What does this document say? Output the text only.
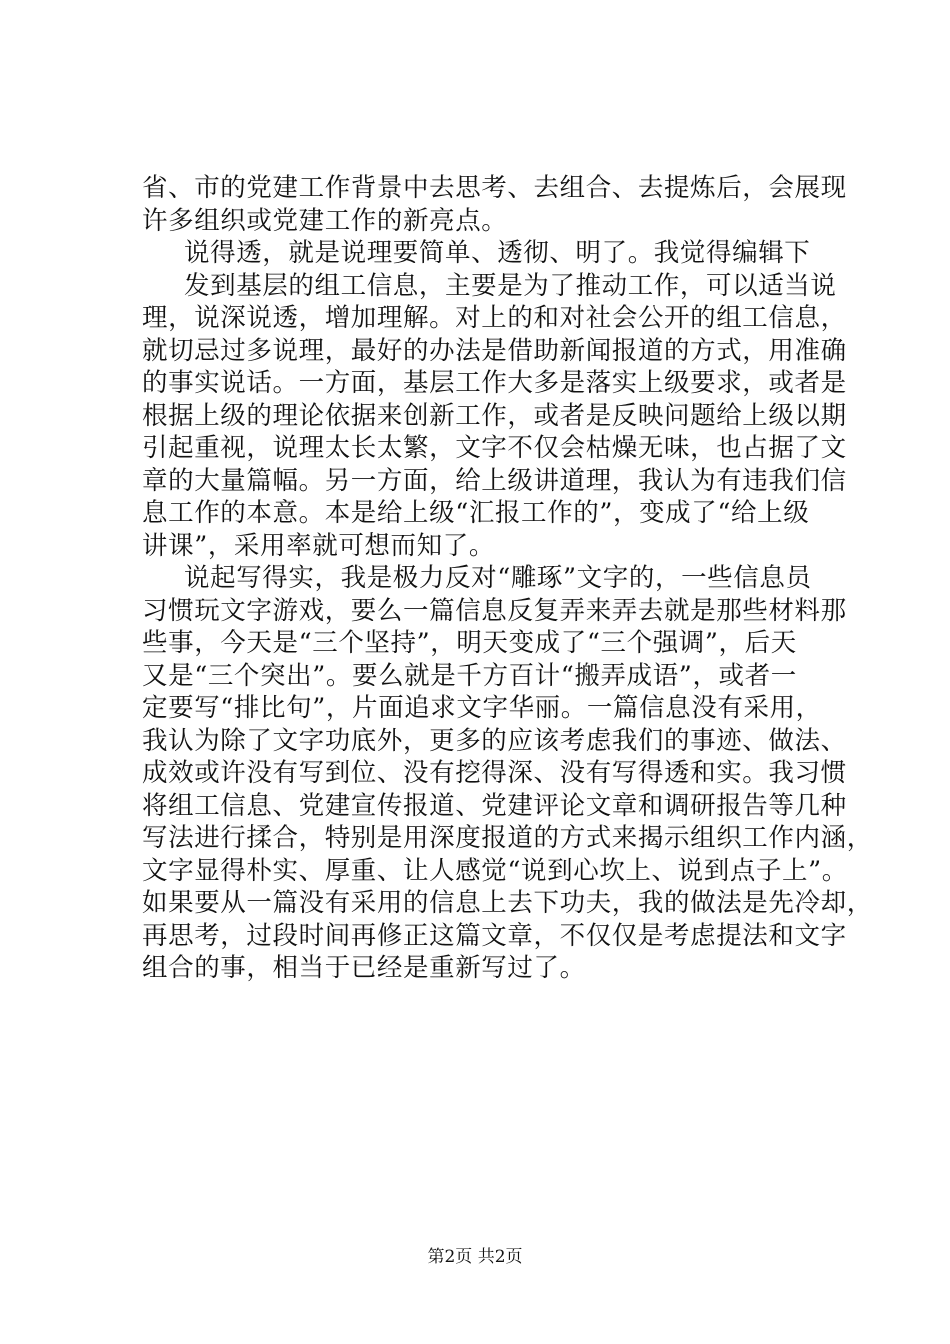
省、市的党建工作背景中去思考、去组合、去提炼后，会展现
许多组织或党建工作的新亮点。
说得透，就是说理要简单、透彻、明了。我觉得编辑下
发到基层的组工信息，主要是为了推动工作，可以适当说
理，说深说透，增加理解。对上的和对社会公开的组工信息，
就切忌过多说理，最好的办法是借助新闻报道的方式，用准确
的事实说话。一方面，基层工作大多是落实上级要求，或者是
根据上级的理论依据来创新工作，或者是反映问题给上级以期
引起重视，说理太长太繁，文字不仅会枯燥无味，也占据了文
章的大量篇幅。另一方面，给上级讲道理，我认为有违我们信
息工作的本意。本是给上级“汇报工作的”，变成了“给上级
讲课”，采用率就可想而知了。
说起写得实，我是极力反对“雕琢”文字的，一些信息员
习惯玩文字游戏，要么一篇信息反复弄来弄去就是那些材料那
些事，今天是“三个坚持”，明天变成了“三个强调”，后天
又是“三个突出”。要么就是千方百计“搬弄成语”，或者一
定要写“排比句”，片面追求文字华丽。一篇信息没有采用，
我认为除了文字功底外，更多的应该考虑我们的事迹、做法、
成效或许没有写到位、没有挖得深、没有写得透和实。我习惯
将组工信息、党建宣传报道、党建评论文章和调研报告等几种
写法进行揉合，特别是用深度报道的方式来揭示组织工作内涵，
文字显得朴实、厚重、让人感觉“说到心坎上、说到点子上”。
如果要从一篇没有采用的信息上去下功夫，我的做法是先冷却，
再思考，过段时间再修正这篇文章，不仅仅是考虑提法和文字
组合的事，相当于已经是重新写过了。
第2页 共2页
